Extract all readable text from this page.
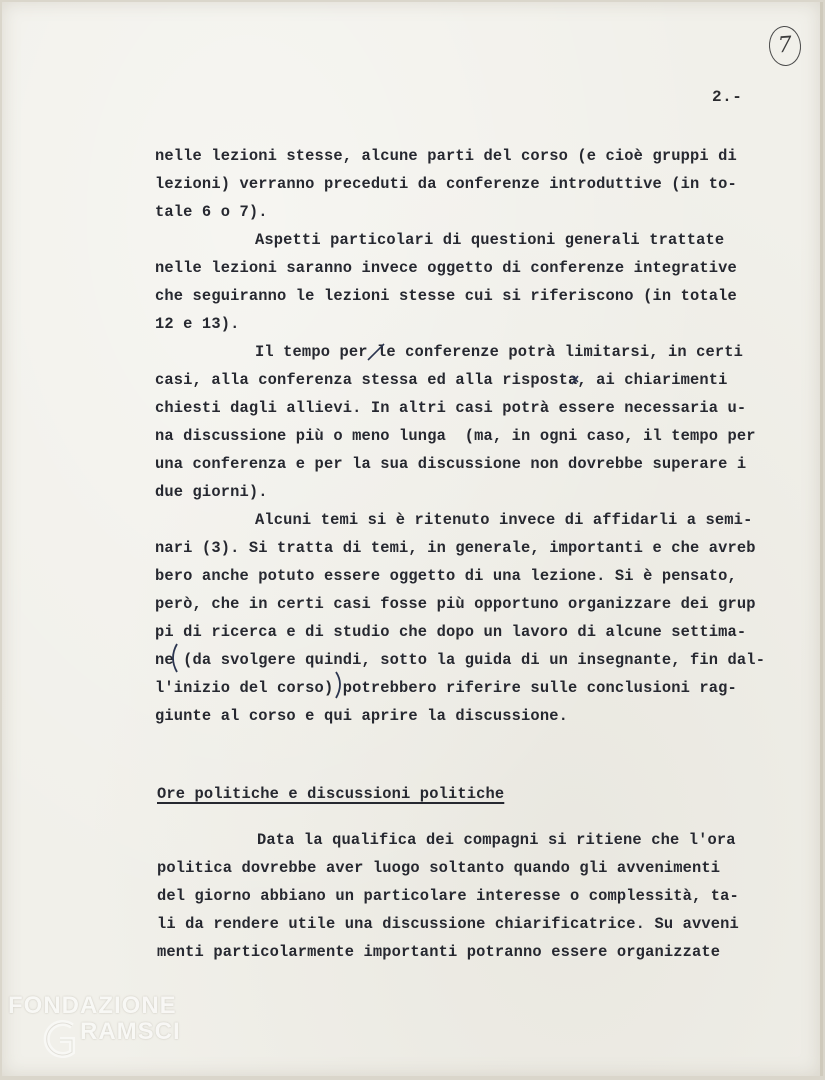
7
2.-
nelle lezioni stesse, alcune parti del corso (e cioè gruppi di
lezioni) verranno preceduti da conferenze introduttive (in to-
tale 6 o 7).
Aspetti particolari di questioni generali trattate
nelle lezioni saranno invece oggetto di conferenze integrative
che seguiranno le lezioni stesse cui si riferiscono (in totale
12 e 13).
Il tempo per le conferenze potrà limitarsi, in certi
casi, alla conferenza stessa ed alla risposta, ai chiarimenti
chiesti dagli allievi. In altri casi potrà essere necessaria u-
na discussione più o meno lunga  (ma, in ogni caso, il tempo per
una conferenza e per la sua discussione non dovrebbe superare i
due giorni).
Alcuni temi si è ritenuto invece di affidarli a semi-
nari (3). Si tratta di temi, in generale, importanti e che avreb
bero anche potuto essere oggetto di una lezione. Si è pensato,
però, che in certi casi fosse più opportuno organizzare dei grup
pi di ricerca e di studio che dopo un lavoro di alcune settima-
ne (da svolgere quindi, sotto la guida di un insegnante, fin dal-
l'inizio del corso) potrebbero riferire sulle conclusioni rag-
giunte al corso e qui aprire la discussione.
Ore politiche e discussioni politiche
Data la qualifica dei compagni si ritiene che l'ora
politica dovrebbe aver luogo soltanto quando gli avvenimenti
del giorno abbiano un particolare interesse o complessità, ta-
li da rendere utile una discussione chiarificatrice. Su avveni
menti particolarmente importanti potranno essere organizzate
FONDAZIONE
RAMSCI
